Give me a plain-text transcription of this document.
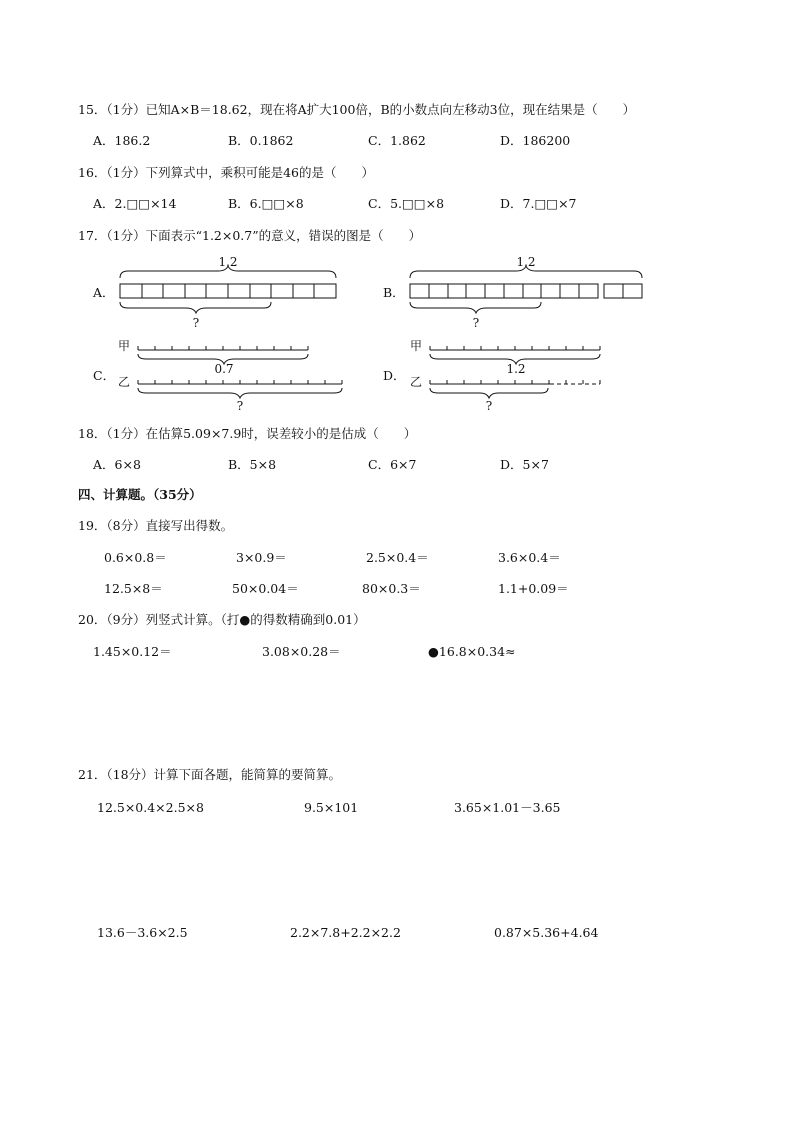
15．（1分）已知A×B＝18.62，现在将A扩大100倍，B的小数点向左移动3位，现在结果是（　　）
A．186.2	B．0.1862	C．1.862	D．186200
16．（1分）下列算式中，乘积可能是46的是（　　）
A．2.□□×14	B．6.□□×8	C．5.□□×8	D．7.□□×7
17．（1分）下面表示“1.2×0.7”的意义，错误的图是（　　）
A．
1.2
?
B．
1.2
?
C．
甲
0.7
乙
?
D．
甲
1.2
乙
?
18．（1分）在估算5.09×7.9时，误差较小的是估成（　　）
A．6×8	B．5×8	C．6×7	D．5×7
四、计算题。（35分）
19．（8分）直接写出得数。
0.6×0.8＝	3×0.9＝	2.5×0.4＝	3.6×0.4＝
12.5×8＝	50×0.04＝	80×0.3＝	1.1+0.09＝
20．（9分）列竖式计算。（打●的得数精确到0.01）
1.45×0.12＝	3.08×0.28＝	●16.8×0.34≈
21．（18分）计算下面各题，能简算的要简算。
12.5×0.4×2.5×8	9.5×101	3.65×1.01－3.65
13.6－3.6×2.5	2.2×7.8+2.2×2.2	0.87×5.36+4.64
